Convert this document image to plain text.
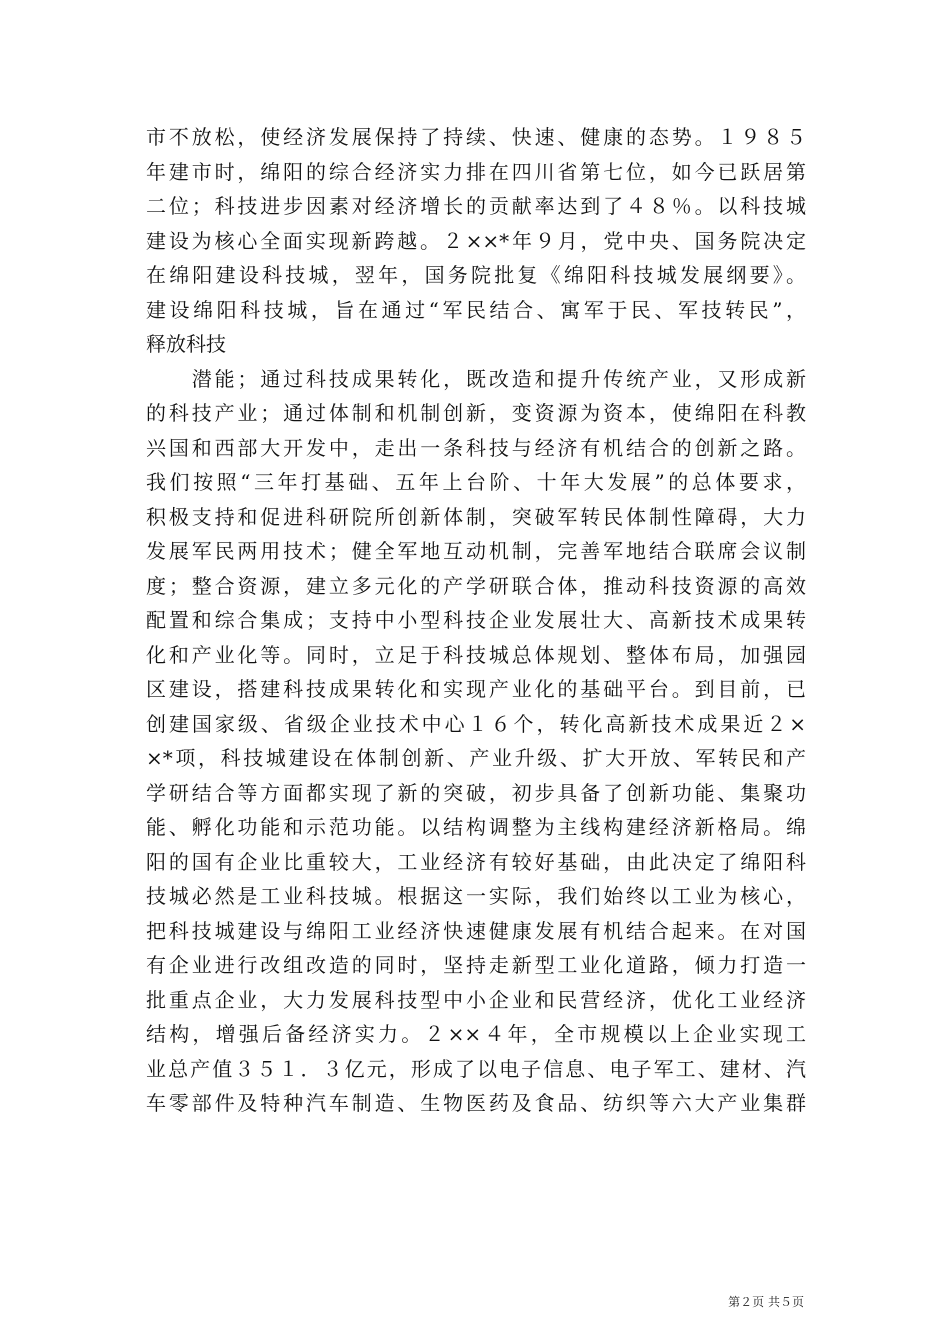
市不放松，使经济发展保持了持续、快速、健康的态势。１９８５
年建市时，绵阳的综合经济实力排在四川省第七位，如今已跃居第
二位；科技进步因素对经济增长的贡献率达到了４８％。以科技城
建设为核心全面实现新跨越。２××*年９月，党中央、国务院决定
在绵阳建设科技城，翌年，国务院批复《绵阳科技城发展纲要》。
建设绵阳科技城，旨在通过“军民结合、寓军于民、军技转民”，
释放科技
　　潜能；通过科技成果转化，既改造和提升传统产业，又形成新
的科技产业；通过体制和机制创新，变资源为资本，使绵阳在科教
兴国和西部大开发中，走出一条科技与经济有机结合的创新之路。
我们按照“三年打基础、五年上台阶、十年大发展”的总体要求，
积极支持和促进科研院所创新体制，突破军转民体制性障碍，大力
发展军民两用技术；健全军地互动机制，完善军地结合联席会议制
度；整合资源，建立多元化的产学研联合体，推动科技资源的高效
配置和综合集成；支持中小型科技企业发展壮大、高新技术成果转
化和产业化等。同时，立足于科技城总体规划、整体布局，加强园
区建设，搭建科技成果转化和实现产业化的基础平台。到目前，已
创建国家级、省级企业技术中心１６个，转化高新技术成果近２×
×*项，科技城建设在体制创新、产业升级、扩大开放、军转民和产
学研结合等方面都实现了新的突破，初步具备了创新功能、集聚功
能、孵化功能和示范功能。以结构调整为主线构建经济新格局。绵
阳的国有企业比重较大，工业经济有较好基础，由此决定了绵阳科
技城必然是工业科技城。根据这一实际，我们始终以工业为核心，
把科技城建设与绵阳工业经济快速健康发展有机结合起来。在对国
有企业进行改组改造的同时，坚持走新型工业化道路，倾力打造一
批重点企业，大力发展科技型中小企业和民营经济，优化工业经济
结构，增强后备经济实力。２××４年，全市规模以上企业实现工
业总产值３５１．３亿元，形成了以电子信息、电子军工、建材、汽
车零部件及特种汽车制造、生物医药及食品、纺织等六大产业集群
第２页 共５页
